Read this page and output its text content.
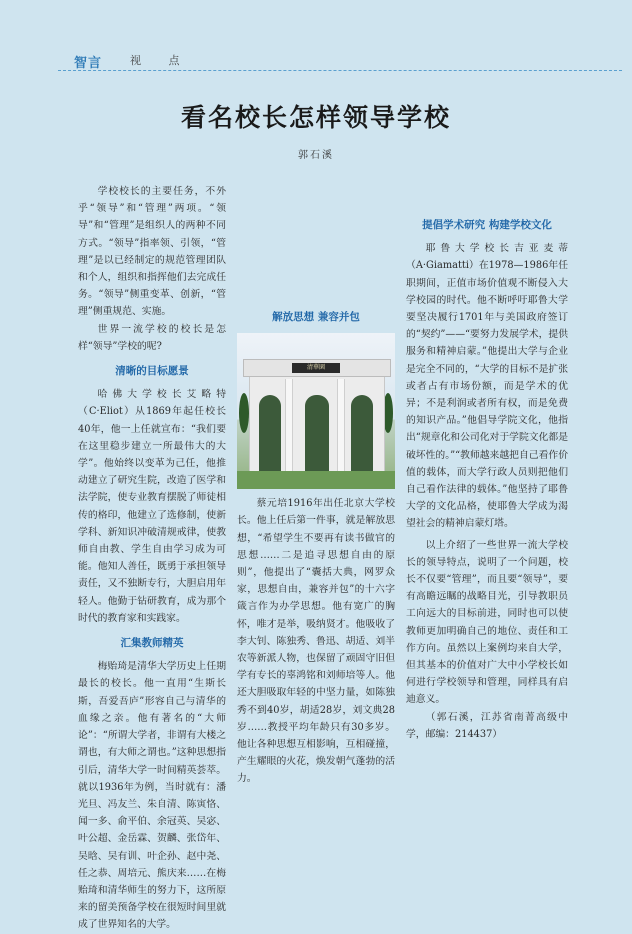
智言	视 点
看名校长怎样领导学校
郭石溪

学校校长的主要任务，不外乎“领导”和“管理”两项。“领导”和“管理”是组织人的两种不同方式。“领导”指率领、引领，“管理”是以已经制定的规范管理团队和个人，组织和指挥他们去完成任务。“领导”侧重变革、创新，“管理”侧重规范、实施。

世界一流学校的校长是怎样“领导”学校的呢?

清晰的目标愿景

哈佛大学校长艾略特（C·Eliot）从1869年起任校长40年，他一上任就宣布：“我们要在这里稳步建立一所最伟大的大学”。他始终以变革为己任，他推动建立了研究生院，改造了医学和法学院，使专业教育摆脱了师徒相传的格印，他建立了选修制，使新学科、新知识冲破清规戒律，使教师自由教、学生自由学习成为可能。他知人善任，既勇于承担领导责任，又不独断专行，大胆启用年轻人。他勤于钻研教育，成为那个时代的教育家和实践家。

汇集教师精英

梅贻琦是清华大学历史上任期最长的校长。他一直用“生斯长斯，吾爱吾庐”形容自己与清华的血缘之亲。他有著名的“大师论”：“所谓大学者，非谓有大楼之谓也，有大师之谓也。”这种思想指引后，清华大学一时间精英荟萃。就以1936年为例，当时就有：潘光旦、冯友兰、朱自清、陈寅恪、闻一多、俞平伯、余冠英、吴宓、叶公超、金岳霖、贺麟、张岱年、吴晗、吴有训、叶企孙、赵中尧、任之恭、周培元、熊庆来……在梅贻琦和清华师生的努力下，这所原来的留美预备学校在很短时间里就成了世界知名的大学。

解放思想 兼容并包
清華園

蔡元培1916年出任北京大学校长。他上任后第一件事，就是解放思想，“希望学生不要再有读书做官的思想……二是追寻思想自由的原则”，他提出了“囊括大典，网罗众家，思想自由，兼容并包”的十六字箴言作为办学思想。他有宽广的胸怀，唯才是举，吸纳贤才。他吸收了李大钊、陈独秀、鲁迅、胡适、刘半农等新派人物，也保留了顽固守旧但学有专长的辜鸿铭和刘师培等人。他还大胆吸取年轻的中坚力量，如陈独秀不到40岁，胡适28岁，刘文典28岁……教授平均年龄只有30多岁。他让各种思想互相影响，互相碰撞，产生耀眼的火花，焕发朝气蓬勃的活力。

提倡学术研究 构建学校文化

耶鲁大学校长吉亚麦蒂（A·Giamatti）在1978—1986年任职期间，正值市场价值观不断侵入大学校园的时代。他不断呼吁耶鲁大学要坚决履行1701年与美国政府签订的“契约”——“要努力发展学术，提供服务和精神启蒙。”他提出大学与企业是完全不同的，“大学的目标不是扩张或者占有市场份额，而是学术的优异；不是利润或者所有权，而是免费的知识产品。”他倡导学院文化，他指出“规章化和公司化对于学院文化都是破坏性的。”“教师越来越把自己看作价值的载体，而大学行政人员则把他们自己看作法律的载体。”他坚持了耶鲁大学的文化品格，使耶鲁大学成为渴望社会的精神启蒙灯塔。

以上介绍了一些世界一流大学校长的领导特点，说明了一个问题，校长不仅要“管理”，而且要“领导”，要有高瞻远瞩的战略目光，引导教职员工向远大的目标前进，同时也可以使教师更加明确自己的地位、责任和工作方向。虽然以上案例均来自大学，但其基本的价值对广大中小学校长如何进行学校领导和管理，同样具有启迪意义。

（郭石溪，江苏省南菁高级中学，邮编：214437）
